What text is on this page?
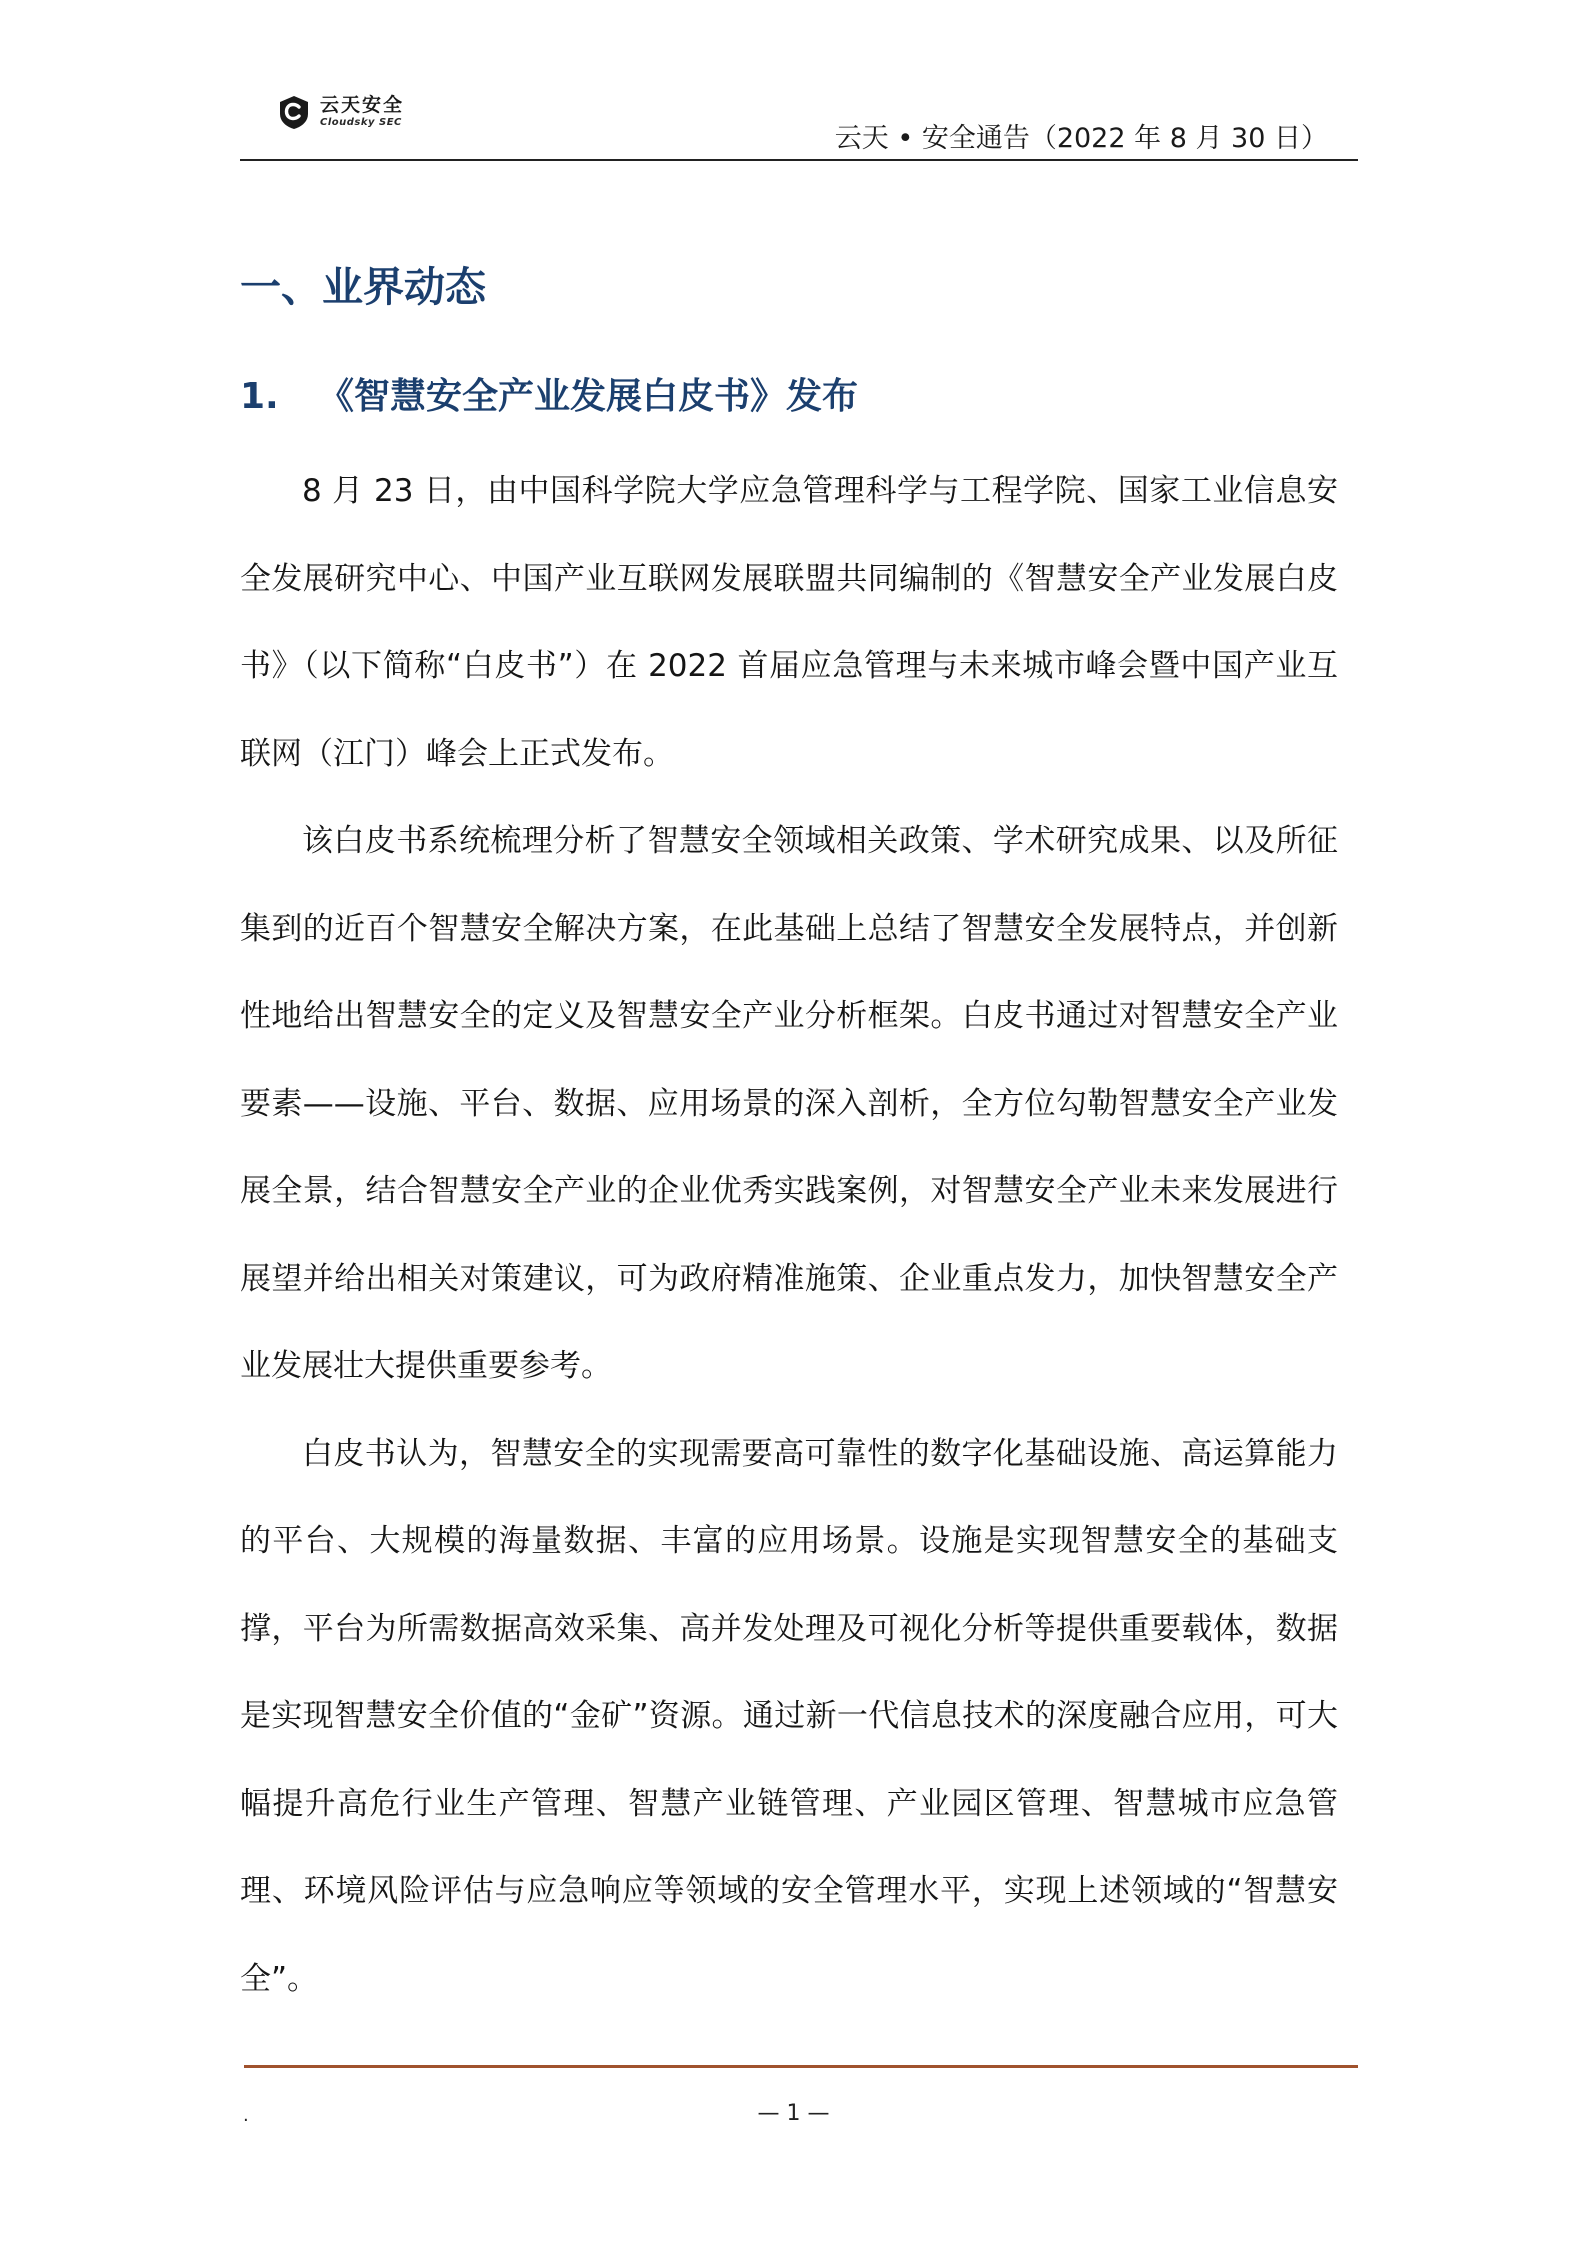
云天安全
Cloudsky SEC
云天 • 安全通告（2022 年 8 月 30 日）
一、业界动态
1. 《智慧安全产业发展白皮书》发布

8 月 23 日，由中国科学院大学应急管理科学与工程学院、国家工业信息安全发展研究中心、中国产业互联网发展联盟共同编制的《智慧安全产业发展白皮书》（以下简称“白皮书”）在 2022 首届应急管理与未来城市峰会暨中国产业互联网（江门）峰会上正式发布。

该白皮书系统梳理分析了智慧安全领域相关政策、学术研究成果、以及所征集到的近百个智慧安全解决方案，在此基础上总结了智慧安全发展特点，并创新性地给出智慧安全的定义及智慧安全产业分析框架。白皮书通过对智慧安全产业要素——设施、平台、数据、应用场景的深入剖析，全方位勾勒智慧安全产业发展全景，结合智慧安全产业的企业优秀实践案例，对智慧安全产业未来发展进行展望并给出相关对策建议，可为政府精准施策、企业重点发力，加快智慧安全产业发展壮大提供重要参考。

白皮书认为，智慧安全的实现需要高可靠性的数字化基础设施、高运算能力的平台、大规模的海量数据、丰富的应用场景。设施是实现智慧安全的基础支撑，平台为所需数据高效采集、高并发处理及可视化分析等提供重要载体，数据是实现智慧安全价值的“金矿”资源。通过新一代信息技术的深度融合应用，可大幅提升高危行业生产管理、智慧产业链管理、产业园区管理、智慧城市应急管理、环境风险评估与应急响应等领域的安全管理水平，实现上述领域的“智慧安全”。

.	— 1 —
